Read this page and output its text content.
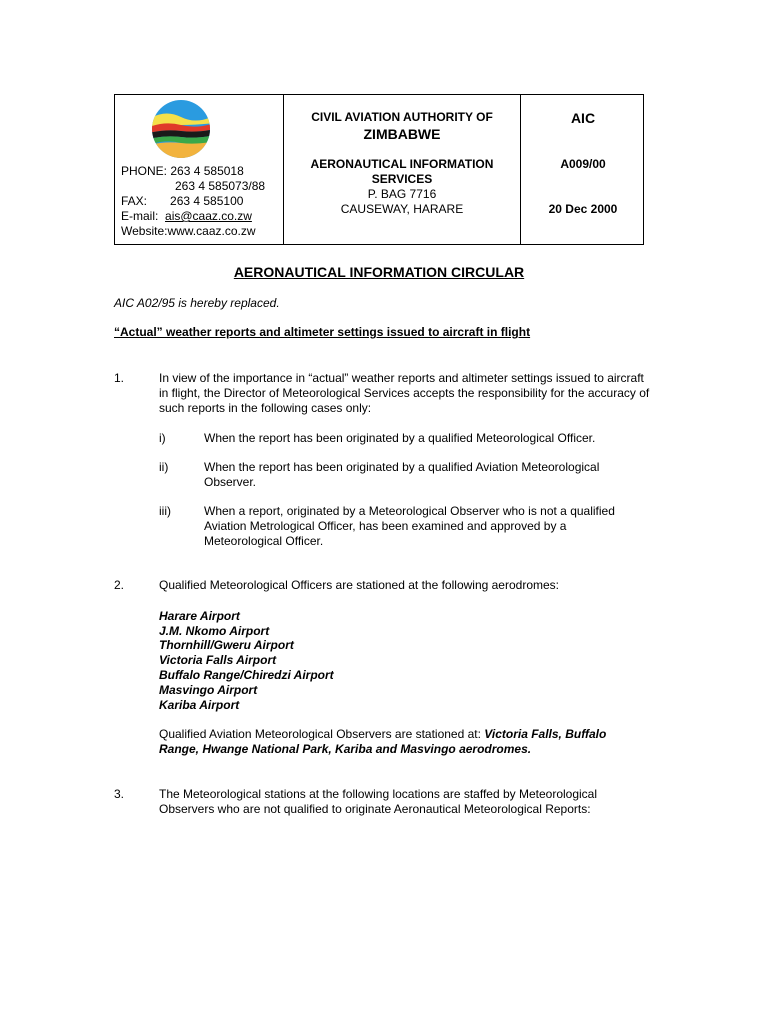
PHONE: 263 4 585018
263 4 585073/88
FAX: 263 4 585100
E-mail: ais@caaz.co.zw
Website:www.caaz.co.zw
CIVIL AVIATION AUTHORITY OF
ZIMBABWE
AERONAUTICAL INFORMATION
SERVICES
P. BAG 7716
CAUSEWAY, HARARE
AIC
A009/00
20 Dec 2000
AERONAUTICAL INFORMATION CIRCULAR
AIC A02/95 is hereby replaced.
“Actual” weather reports and altimeter settings issued to aircraft in flight
1.	In view of the importance in “actual” weather reports and altimeter settings issued to aircraft in flight, the Director of Meteorological Services accepts the responsibility for the accuracy of such reports in the following cases only:
i)	When the report has been originated by a qualified Meteorological Officer.
ii)	When the report has been originated by a qualified Aviation Meteorological Observer.
iii)	When a report, originated by a Meteorological Observer who is not a qualified Aviation Metrological Officer, has been examined and approved by a Meteorological Officer.
2.	Qualified Meteorological Officers are stationed at the following aerodromes:
Harare Airport
J.M. Nkomo Airport
Thornhill/Gweru Airport
Victoria Falls Airport
Buffalo Range/Chiredzi Airport
Masvingo Airport
Kariba Airport
Qualified Aviation Meteorological Observers are stationed at: Victoria Falls, Buffalo Range, Hwange National Park, Kariba and Masvingo aerodromes.
3.	The Meteorological stations at the following locations are staffed by Meteorological Observers who are not qualified to originate Aeronautical Meteorological Reports:
